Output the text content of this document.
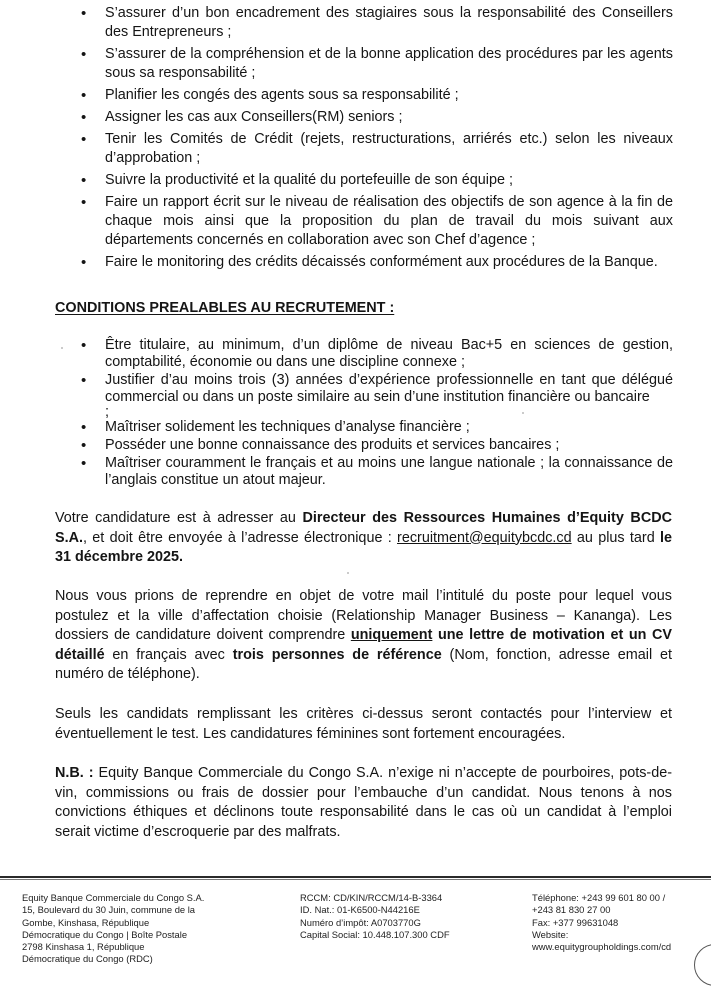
• S’assurer d’un bon encadrement des stagiaires sous la responsabilité des Conseillers des Entrepreneurs ;
• S’assurer de la compréhension et de la bonne application des procédures par les agents sous sa responsabilité ;
• Planifier les congés des agents sous sa responsabilité ;
• Assigner les cas aux Conseillers(RM) seniors ;
• Tenir les Comités de Crédit (rejets, restructurations, arriérés etc.) selon les niveaux d’approbation ;
• Suivre la productivité et la qualité du portefeuille de son équipe ;
• Faire un rapport écrit sur le niveau de réalisation des objectifs de son agence à la fin de chaque mois ainsi que la proposition du plan de travail du mois suivant aux départements concernés en collaboration avec son Chef d’agence ;
• Faire le monitoring des crédits décaissés conformément aux procédures de la Banque.
CONDITIONS PREALABLES AU RECRUTEMENT :
• Être titulaire, au minimum, d’un diplôme de niveau Bac+5 en sciences de gestion, comptabilité, économie ou dans une discipline connexe ;
• Justifier d’au moins trois (3) années d’expérience professionnelle en tant que délégué commercial ou dans un poste similaire au sein d’une institution financière ou bancaire
;
• Maîtriser solidement les techniques d’analyse financière ;
• Posséder une bonne connaissance des produits et services bancaires ;
• Maîtriser couramment le français et au moins une langue nationale ; la connaissance de l’anglais constitue un atout majeur.

Votre candidature est à adresser au Directeur des Ressources Humaines d’Equity BCDC S.A., et doit être envoyée à l’adresse électronique : recruitment@equitybcdc.cd au plus tard le 31 décembre 2025.

Nous vous prions de reprendre en objet de votre mail l’intitulé du poste pour lequel vous postulez et la ville d’affectation choisie (Relationship Manager Business – Kananga). Les dossiers de candidature doivent comprendre uniquement une lettre de motivation et un CV détaillé en français avec trois personnes de référence (Nom, fonction, adresse email et numéro de téléphone).

Seuls les candidats remplissant les critères ci-dessus seront contactés pour l’interview et éventuellement le test. Les candidatures féminines sont fortement encouragées.

N.B. : Equity Banque Commerciale du Congo S.A. n’exige ni n’accepte de pourboires, pots-de-vin, commissions ou frais de dossier pour l’embauche d’un candidat. Nous tenons à nos convictions éthiques et déclinons toute responsabilité dans le cas où un candidat à l’emploi serait victime d’escroquerie par des malfrats.

Equity Banque Commerciale du Congo S.A.
15, Boulevard du 30 Juin, commune de la
Gombe, Kinshasa, République
Démocratique du Congo | Boîte Postale
2798 Kinshasa 1, République
Démocratique du Congo (RDC)
RCCM: CD/KIN/RCCM/14-B-3364
ID. Nat.: 01-K6500-N44216E
Numéro d’impôt: A0703770G
Capital Social: 10.448.107.300 CDF
Téléphone: +243 99 601 80 00 /
+243 81 830 27 00
Fax: +377 99631048
Website:
www.equitygroupholdings.com/cd
